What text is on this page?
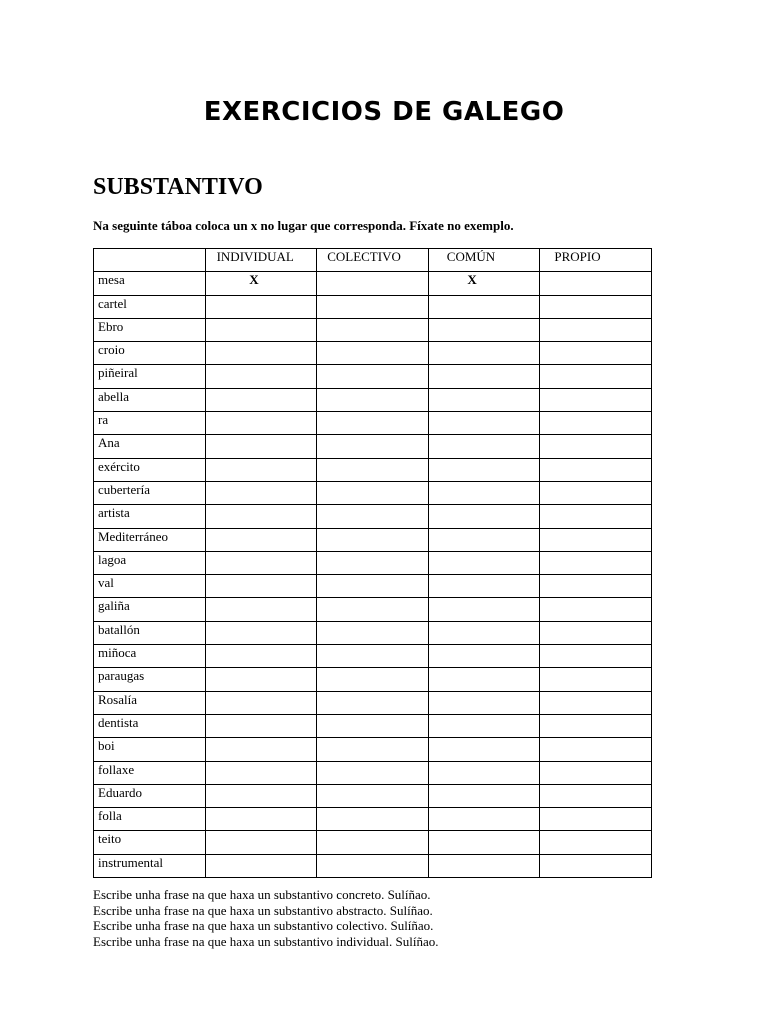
EXERCICIOS DE GALEGO
SUBSTANTIVO

Na seguinte táboa coloca un x no lugar que corresponda. Fíxate no exemplo.

	INDIVIDUAL	COLECTIVO	COMÚN	PROPIO
mesa	X		X	
cartel				
Ebro				
croio				
piñeiral				
abella				
ra				
Ana				
exército				
cubertería				
artista				
Mediterráneo				
lagoa				
val				
galiña				
batallón				
miñoca				
paraugas				
Rosalía				
dentista				
boi				
follaxe				
Eduardo				
folla				
teito				
instrumental				
Escribe unha frase na que haxa un substantivo concreto. Sulíñao.
Escribe unha frase na que haxa un substantivo abstracto. Sulíñao.
Escribe unha frase na que haxa un substantivo colectivo. Sulíñao.
Escribe unha frase na que haxa un substantivo individual. Sulíñao.
